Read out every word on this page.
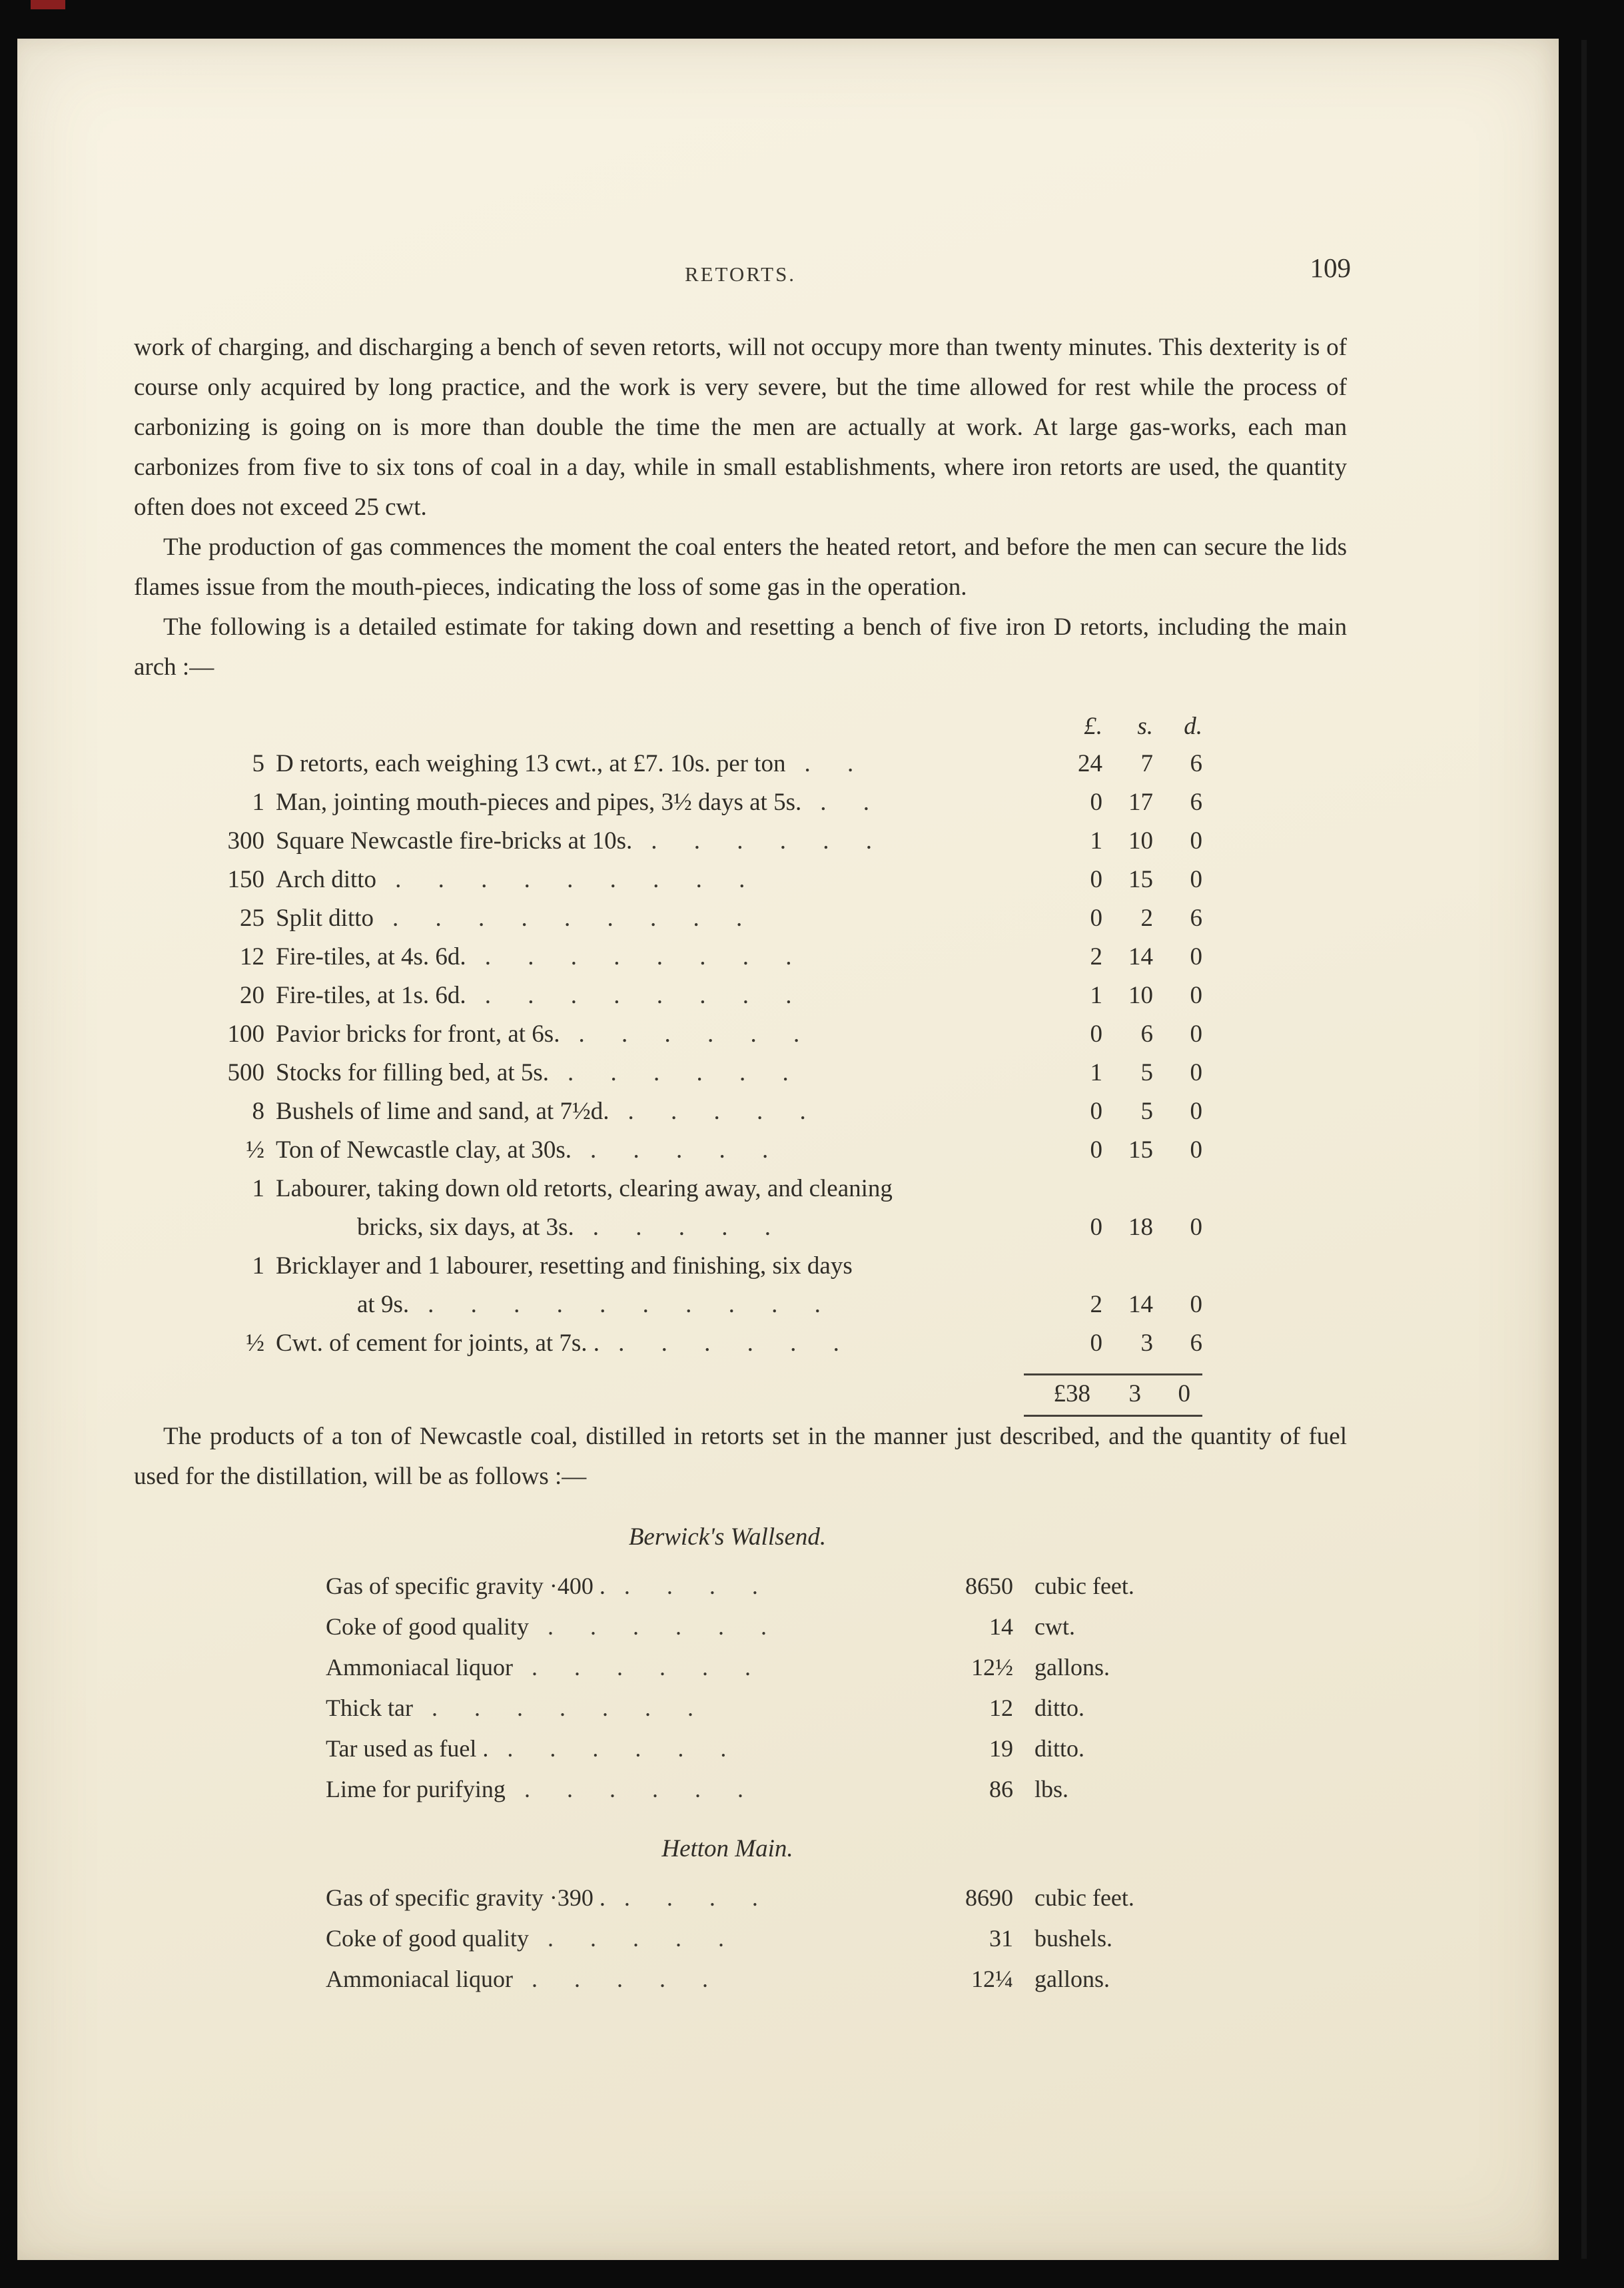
RETORTS.	109

work of charging, and discharging a bench of seven retorts, will not occupy more than twenty minutes. This dexterity is of course only acquired by long practice, and the work is very severe, but the time allowed for rest while the process of carbonizing is going on is more than double the time the men are actually at work. At large gas-works, each man carbonizes from five to six tons of coal in a day, while in small establishments, where iron retorts are used, the quantity often does not exceed 25 cwt.

The production of gas commences the moment the coal enters the heated retort, and before the men can secure the lids flames issue from the mouth-pieces, indicating the loss of some gas in the operation.

The following is a detailed estimate for taking down and resetting a bench of five iron D retorts, including the main arch :—

£.	s.	d.
5 D retorts, each weighing 13 cwt., at £7. 10s. per ton . .	24	7	6
1 Man, jointing mouth-pieces and pipes, 3½ days at 5s. . .	0	17	6
300 Square Newcastle fire-bricks at 10s. . . . . . .	1	10	0
150 Arch ditto . . . . . . . . .	0	15	0
25 Split ditto . . . . . . . . .	0	2	6
12 Fire-tiles, at 4s. 6d. . . . . . . . .	2	14	0
20 Fire-tiles, at 1s. 6d. . . . . . . . .	1	10	0
100 Pavior bricks for front, at 6s. . . . . . .	0	6	0
500 Stocks for filling bed, at 5s. . . . . . .	1	5	0
8 Bushels of lime and sand, at 7½d. . . . . .	0	5	0
½ Ton of Newcastle clay, at 30s. . . . . .	0	15	0
1 Labourer, taking down old retorts, clearing away, and cleaning
bricks, six days, at 3s. . . . . .	0	18	0
1 Bricklayer and 1 labourer, resetting and finishing, six days
at 9s. . . . . . . . . . .	2	14	0
½ Cwt. of cement for joints, at 7s. . . . . . . .	0	3	6
£38	3	0

The products of a ton of Newcastle coal, distilled in retorts set in the manner just described, and the quantity of fuel used for the distillation, will be as follows :—

Berwick's Wallsend.
Gas of specific gravity ·400 . . . . .	8650 cubic feet.
Coke of good quality . . . . . .	14 cwt.
Ammoniacal liquor . . . . . .	12½ gallons.
Thick tar . . . . . . .	12 ditto.
Tar used as fuel . . . . . . .	19 ditto.
Lime for purifying . . . . . .	86 lbs.
Hetton Main.
Gas of specific gravity ·390 . . . . .	8690 cubic feet.
Coke of good quality . . . . .	31 bushels.
Ammoniacal liquor . . . . .	12¼ gallons.
